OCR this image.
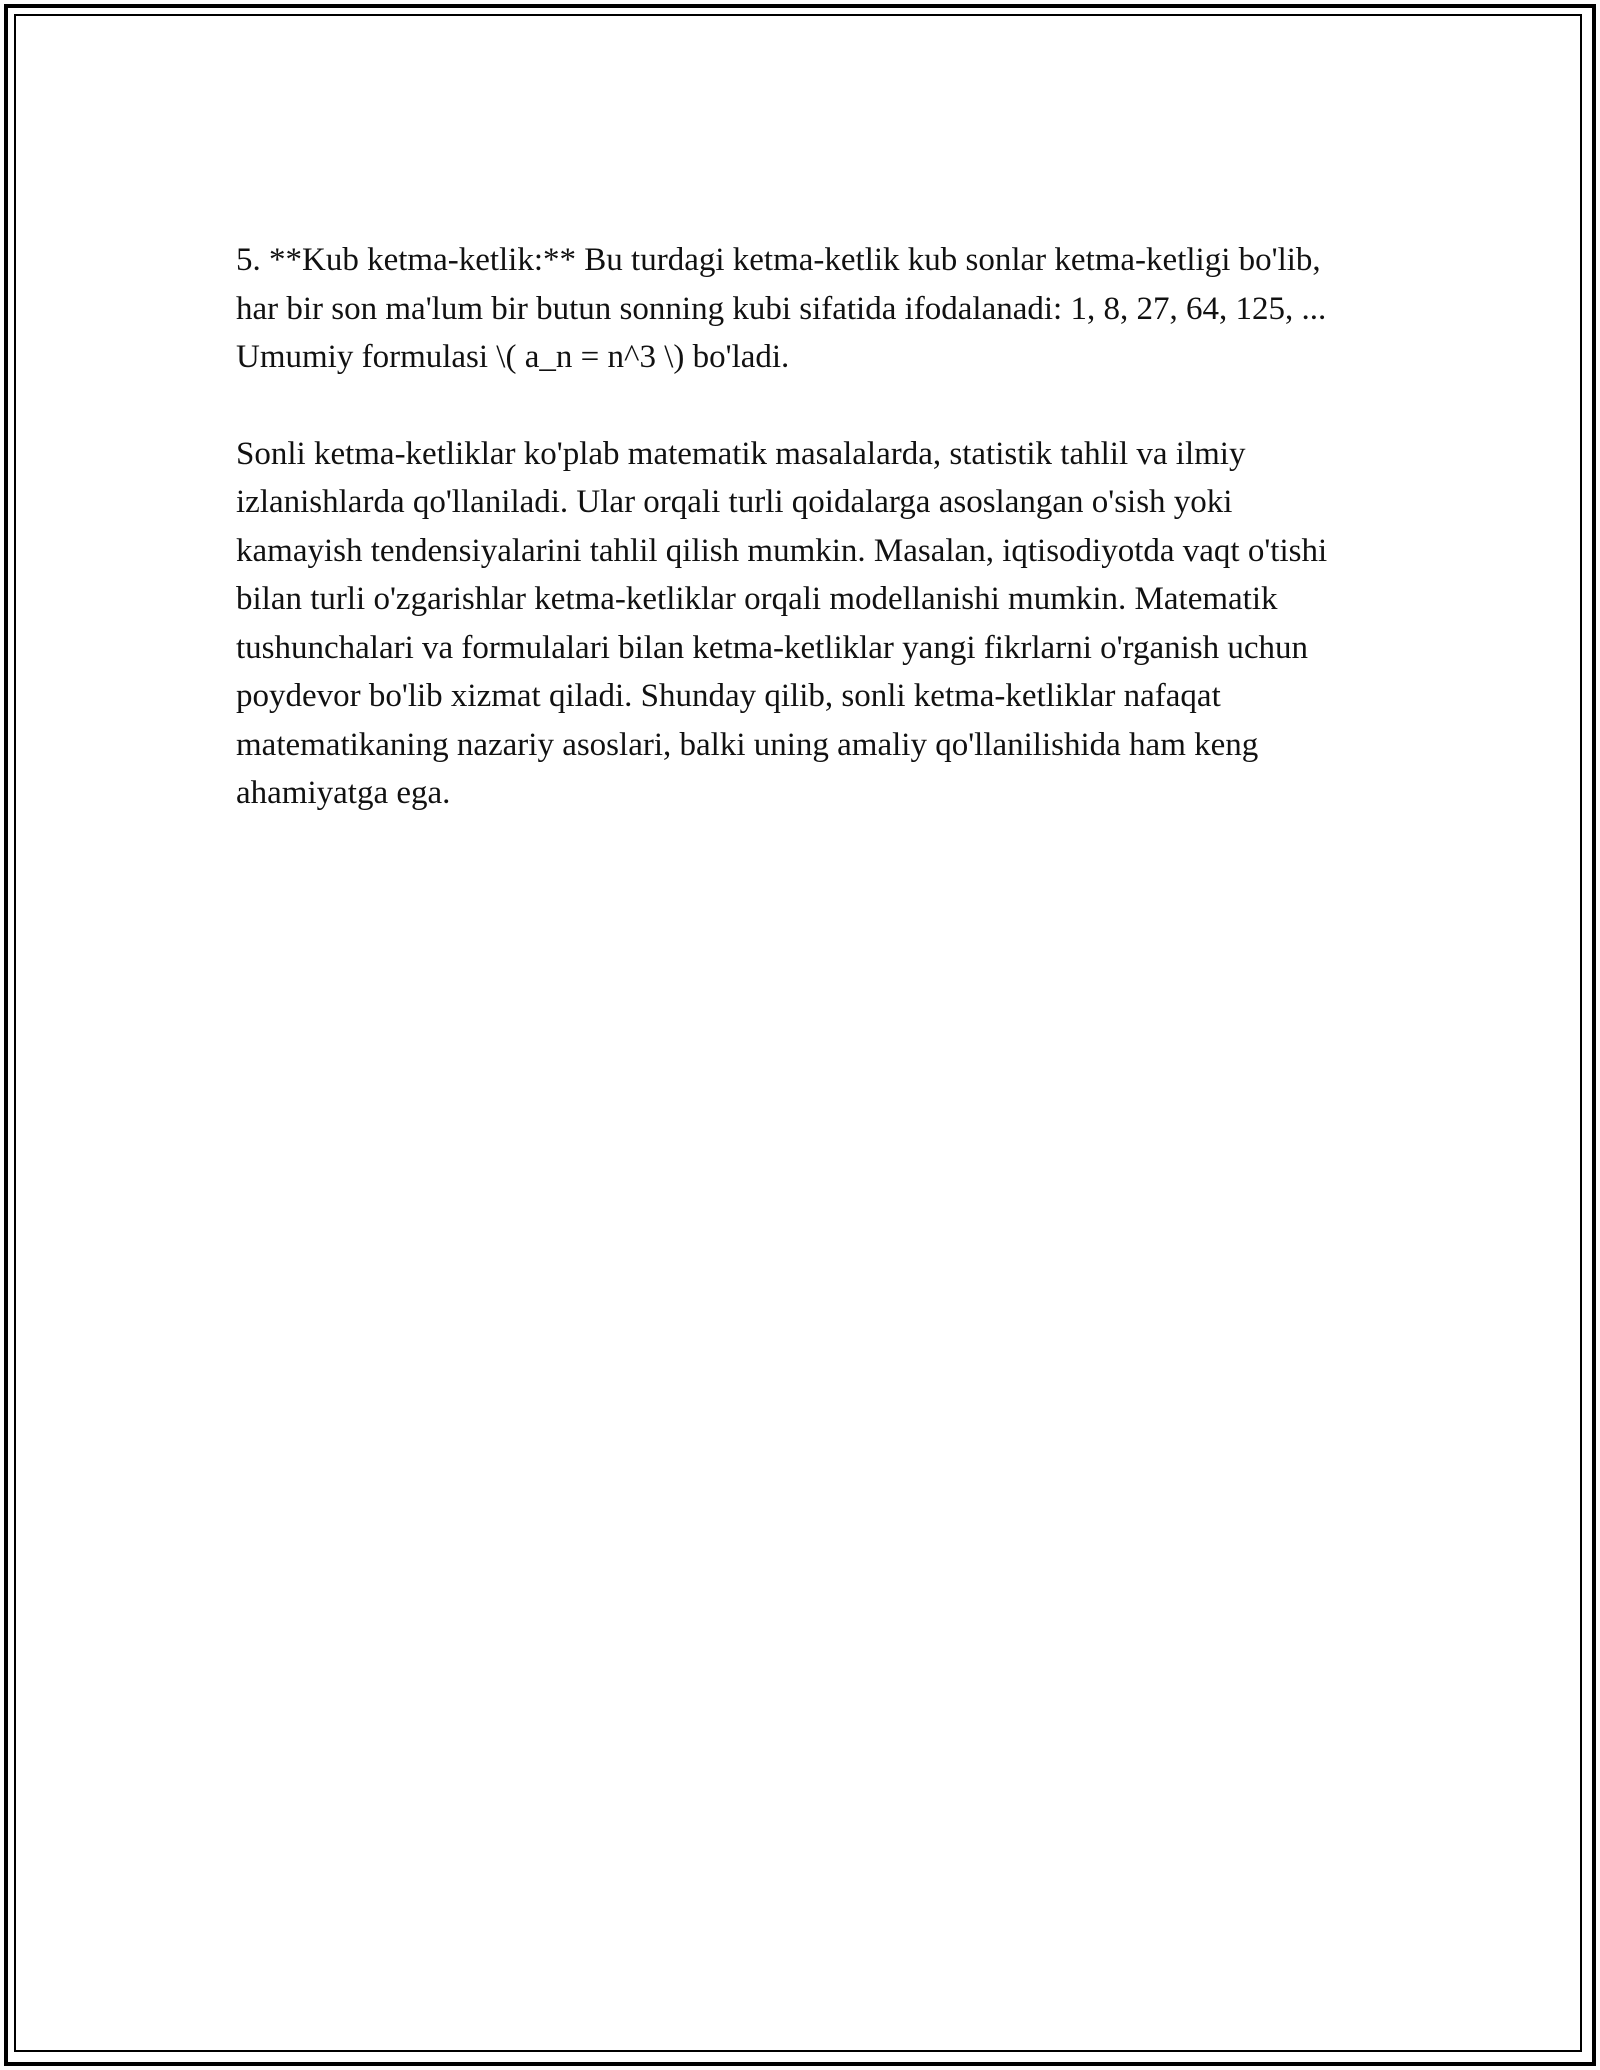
5. **Kub ketma-ketlik:** Bu turdagi ketma-ketlik kub sonlar ketma-ketligi bo'lib, har bir son ma'lum bir butun sonning kubi sifatida ifodalanadi: 1, 8, 27, 64, 125, ... Umumiy formulasi \( a_n = n^3 \) bo'ladi.

Sonli ketma-ketliklar ko'plab matematik masalalarda, statistik tahlil va ilmiy izlanishlarda qo'llaniladi. Ular orqali turli qoidalarga asoslangan o'sish yoki kamayish tendensiyalarini tahlil qilish mumkin. Masalan, iqtisodiyotda vaqt o'tishi bilan turli o'zgarishlar ketma-ketliklar orqali modellanishi mumkin. Matematik tushunchalari va formulalari bilan ketma-ketliklar yangi fikrlarni o'rganish uchun poydevor bo'lib xizmat qiladi. Shunday qilib, sonli ketma-ketliklar nafaqat matematikaning nazariy asoslari, balki uning amaliy qo'llanilishida ham keng ahamiyatga ega.
